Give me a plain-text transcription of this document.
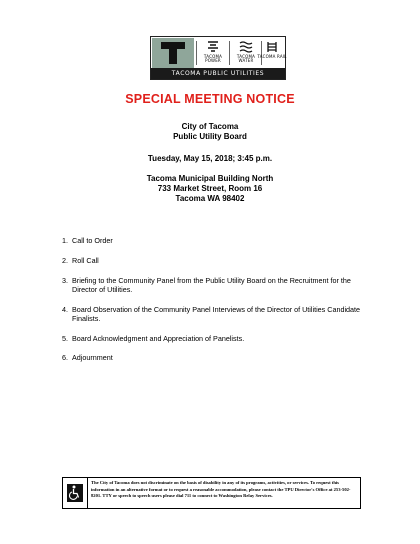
TACOMA POWER
TACOMA WATER
TACOMA RAIL
TACOMA PUBLIC UTILITIES
SPECIAL MEETING NOTICE
City of Tacoma
Public Utility Board
Tuesday, May 15, 2018; 3:45 p.m.
Tacoma Municipal Building North
733 Market Street, Room 16
Tacoma WA 98402
1. Call to Order
2. Roll Call
3. Briefing to the Community Panel from the Public Utility Board on the Recruitment for the Director of Utilities.
4. Board Observation of the Community Panel Interviews of the Director of Utilities Candidate Finalists.
5. Board Acknowledgment and Appreciation of Panelists.
6. Adjournment
The City of Tacoma does not discriminate on the basis of disability in any of its programs, activities, or services. To request this information in an alternative format or to request a reasonable accommodation, please contact the TPU Director's Office at 253-502-8201. TTY or speech to speech users please dial 711 to connect to Washington Relay Services.
